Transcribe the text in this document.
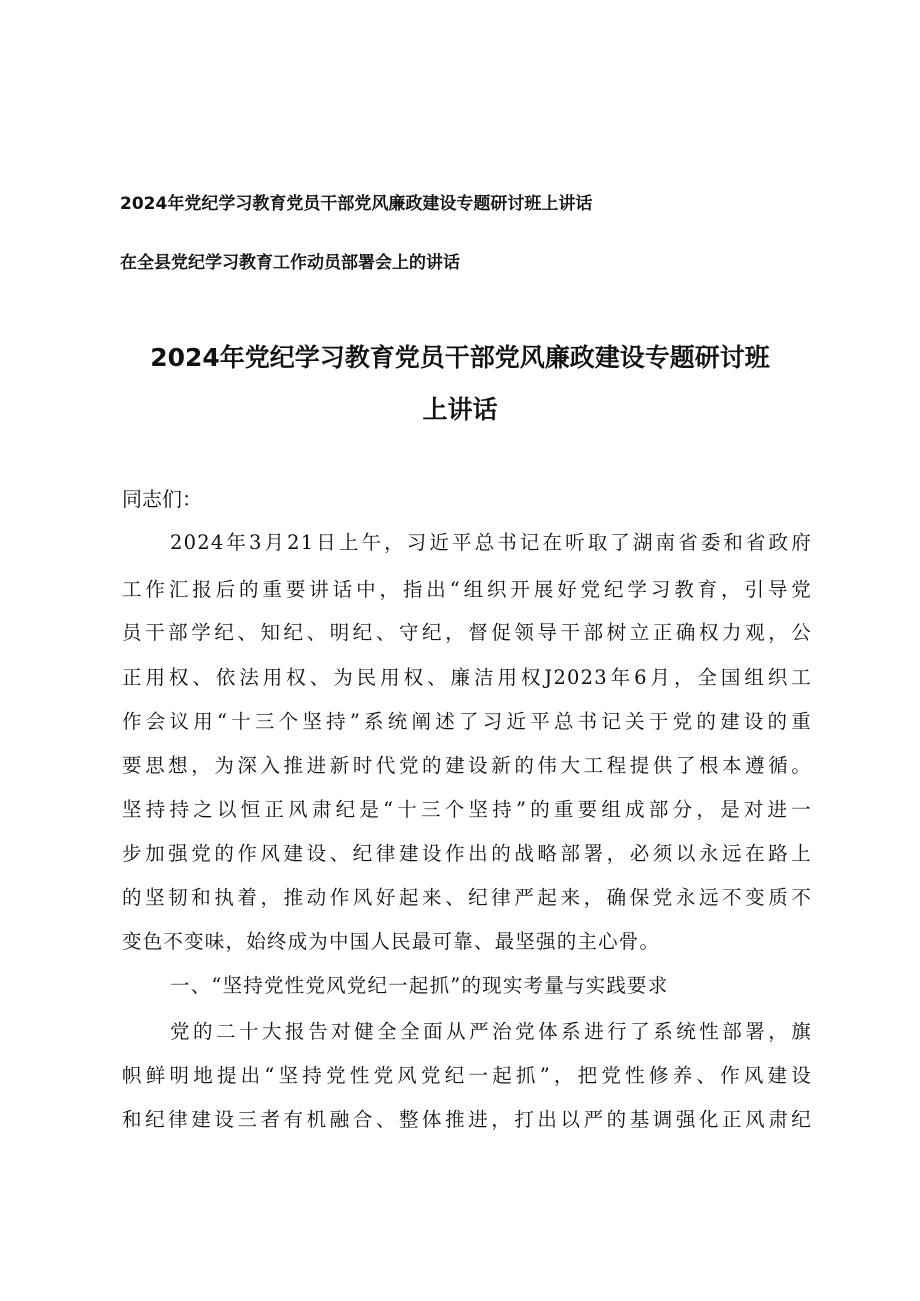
2024年党纪学习教育党员干部党风廉政建设专题研讨班上讲话
在全县党纪学习教育工作动员部署会上的讲话
2024年党纪学习教育党员干部党风廉政建设专题研讨班
上讲话
同志们：
2024年3月21日上午，习近平总书记在听取了湖南省委和省政府
工作汇报后的重要讲话中，指出“组织开展好党纪学习教育，引导党
员干部学纪、知纪、明纪、守纪，督促领导干部树立正确权力观，公
正用权、依法用权、为民用权、廉洁用权J2023年6月，全国组织工
作会议用“十三个坚持”系统阐述了习近平总书记关于党的建设的重
要思想，为深入推进新时代党的建设新的伟大工程提供了根本遵循。
坚持持之以恒正风肃纪是“十三个坚持”的重要组成部分，是对进一
步加强党的作风建设、纪律建设作出的战略部署，必须以永远在路上
的坚韧和执着，推动作风好起来、纪律严起来，确保党永远不变质不
变色不变味，始终成为中国人民最可靠、最坚强的主心骨。
一、“坚持党性党风党纪一起抓”的现实考量与实践要求
党的二十大报告对健全全面从严治党体系进行了系统性部署，旗
帜鲜明地提出“坚持党性党风党纪一起抓”，把党性修养、作风建设
和纪律建设三者有机融合、整体推进，打出以严的基调强化正风肃纪
